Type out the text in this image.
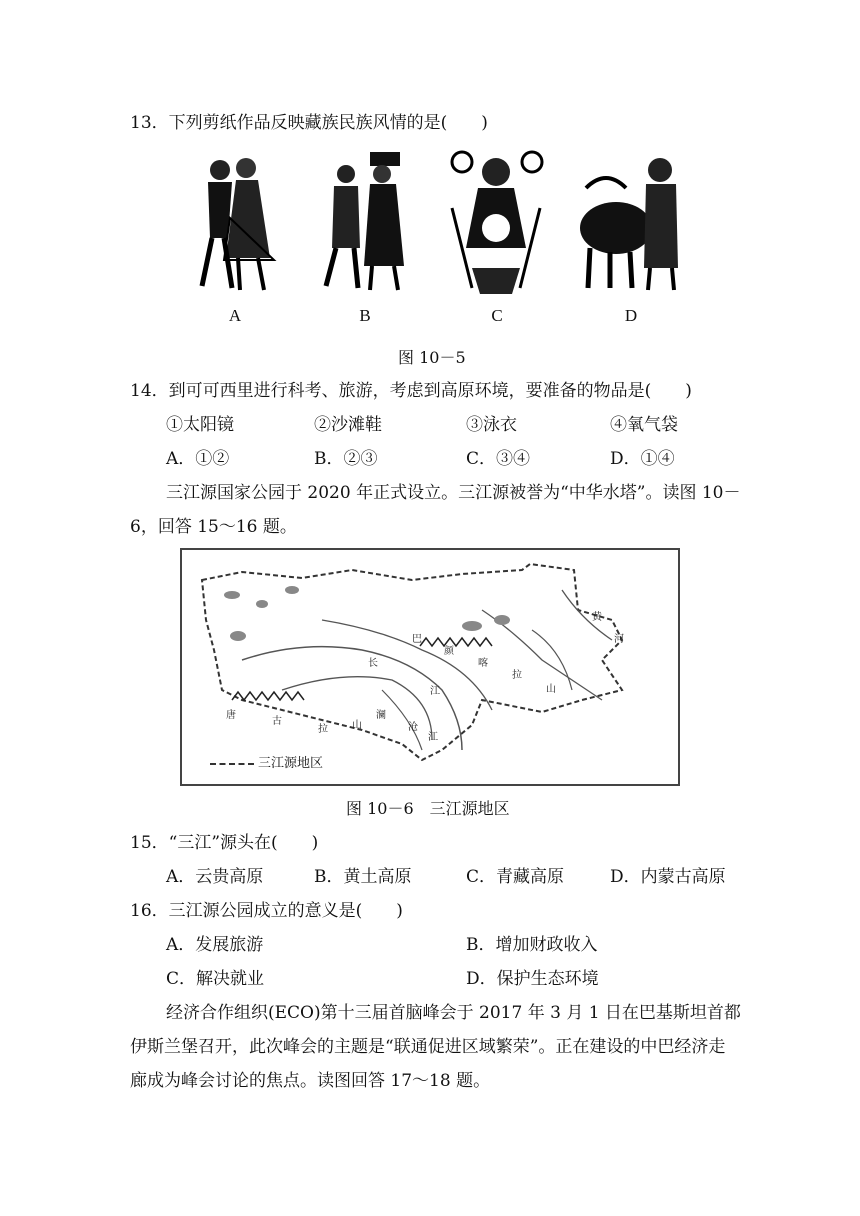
13．下列剪纸作品反映藏族民族风情的是(　　)
A	B	C	D
图 10－5
14．到可可西里进行科考、旅游，考虑到高原环境，要准备的物品是(　　)
①太阳镜	②沙滩鞋	③泳衣	④氧气袋
A．①②	B．②③	C．③④	D．①④
三江源国家公园于 2020 年正式设立。三江源被誉为“中华水塔”。读图 10－
6，回答 15～16 题。
巴
颜
喀
拉
山
长
江
唐
古
拉 山
澜
沧
江
黄
河
三江源地区
图 10－6　三江源地区
15．“三江”源头在(　　)
A．云贵高原	B．黄土高原	C．青藏高原	D．内蒙古高原
16．三江源公园成立的意义是(　　)
A．发展旅游	B．增加财政收入
C．解决就业	D．保护生态环境
经济合作组织(ECO)第十三届首脑峰会于 2017 年 3 月 1 日在巴基斯坦首都
伊斯兰堡召开，此次峰会的主题是“联通促进区域繁荣”。正在建设的中巴经济走
廊成为峰会讨论的焦点。读图回答 17～18 题。
